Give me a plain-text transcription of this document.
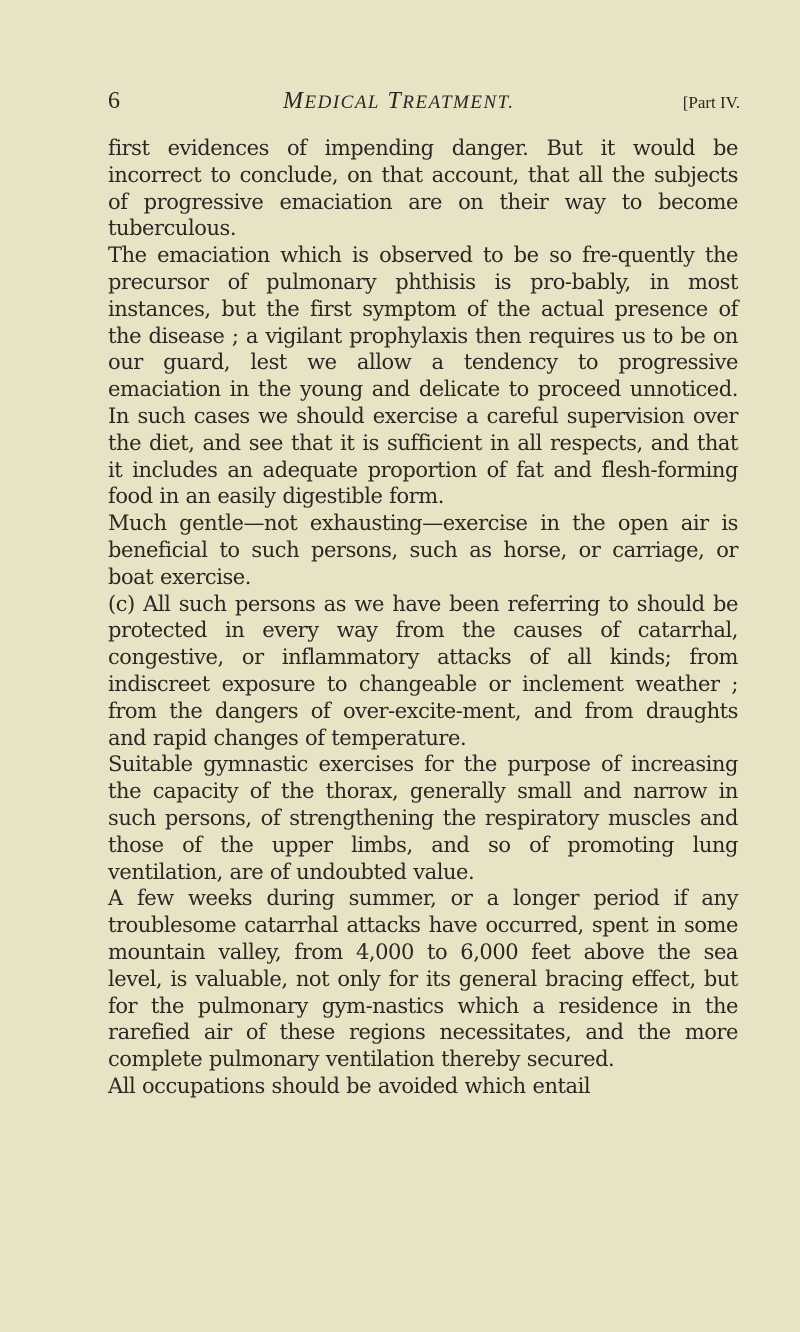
6	MEDICAL TREATMENT.	[Part IV.

first evidences of impending danger. But it would be incorrect to conclude, on that account, that all the subjects of progressive emaciation are on their way to become tuberculous.

The emaciation which is observed to be so fre-quently the precursor of pulmonary phthisis is pro-bably, in most instances, but the first symptom of the actual presence of the disease ; a vigilant prophylaxis then requires us to be on our guard, lest we allow a tendency to progressive emaciation in the young and delicate to proceed unnoticed. In such cases we should exercise a careful supervision over the diet, and see that it is sufficient in all respects, and that it includes an adequate proportion of fat and flesh-forming food in an easily digestible form.

Much gentle—not exhausting—exercise in the open air is beneficial to such persons, such as horse, or carriage, or boat exercise.

(c) All such persons as we have been referring to should be protected in every way from the causes of catarrhal, congestive, or inflammatory attacks of all kinds; from indiscreet exposure to changeable or inclement weather ; from the dangers of over-excite-ment, and from draughts and rapid changes of temperature.

Suitable gymnastic exercises for the purpose of increasing the capacity of the thorax, generally small and narrow in such persons, of strengthening the respiratory muscles and those of the upper limbs, and so of promoting lung ventilation, are of undoubted value.

A few weeks during summer, or a longer period if any troublesome catarrhal attacks have occurred, spent in some mountain valley, from 4,000 to 6,000 feet above the sea level, is valuable, not only for its general bracing effect, but for the pulmonary gym-nastics which a residence in the rarefied air of these regions necessitates, and the more complete pulmonary ventilation thereby secured.

All occupations should be avoided which entail
